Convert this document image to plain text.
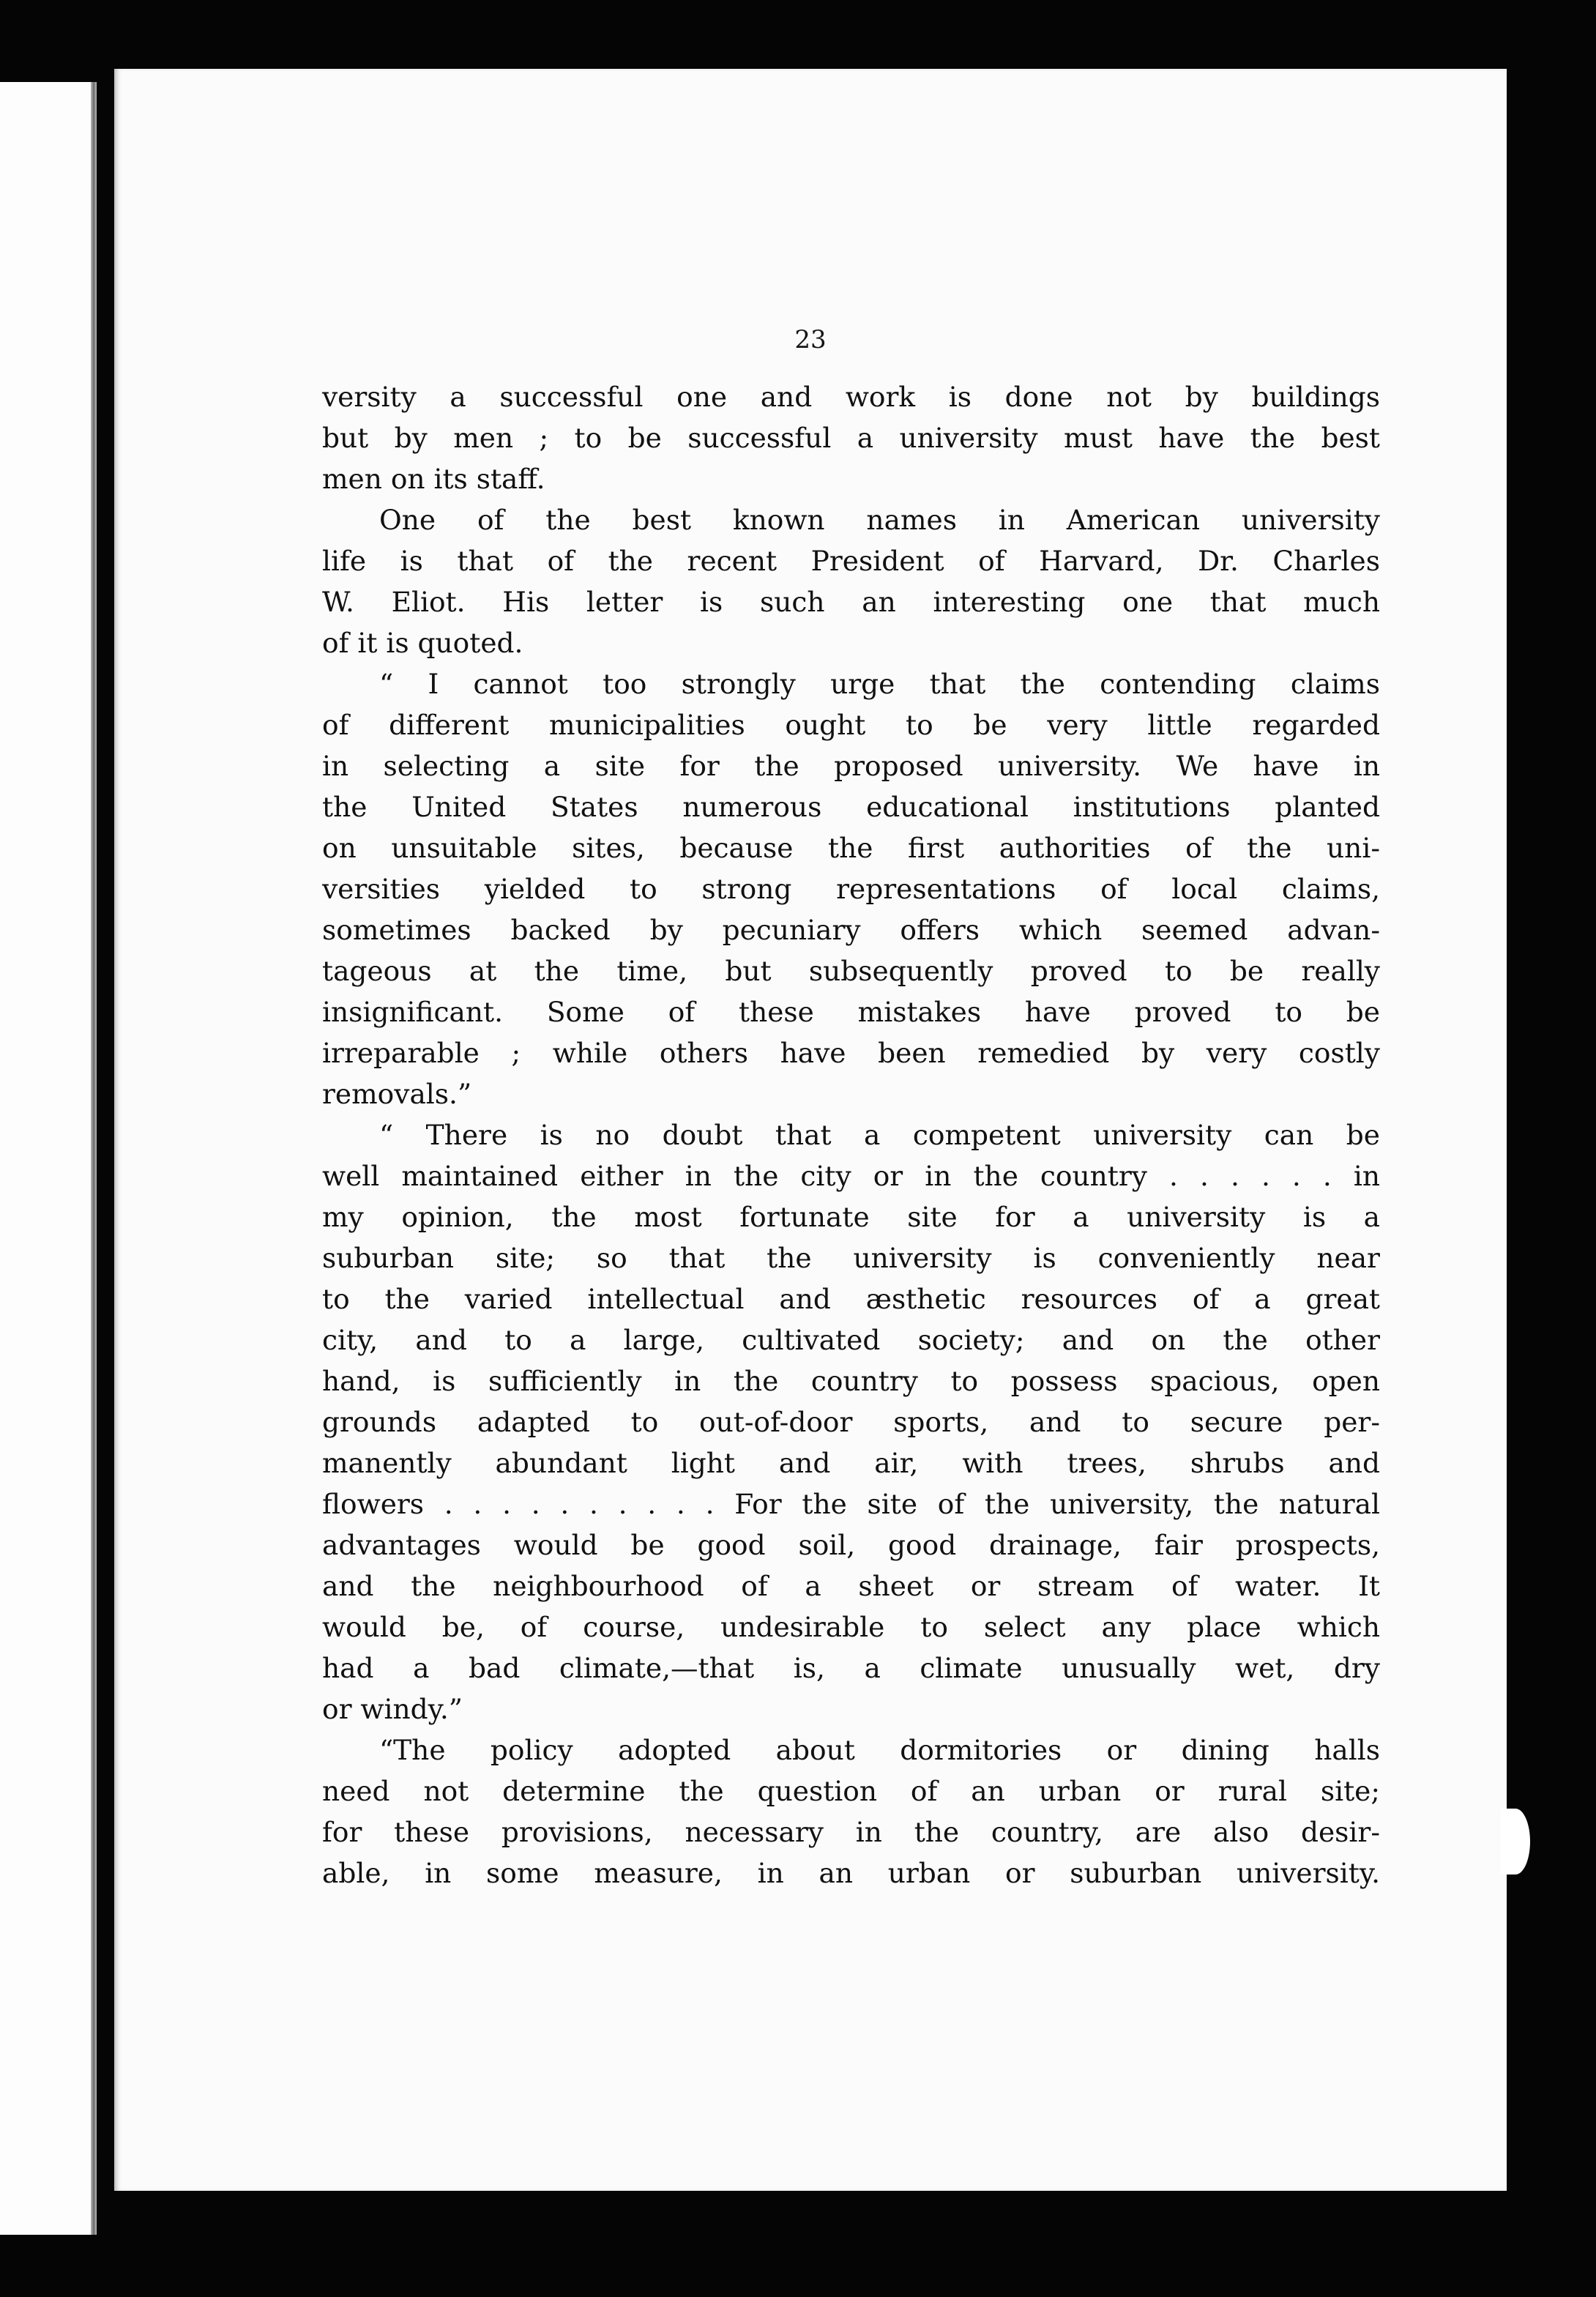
23
versity a successful one and work is done not by buildings
but by men ; to be successful a university must have the best
men on its staff.
One of the best known names in American university
life is that of the recent President of Harvard, Dr. Charles
W. Eliot. His letter is such an interesting one that much
of it is quoted.
“ I cannot too strongly urge that the contending claims
of different municipalities ought to be very little regarded
in selecting a site for the proposed university. We have in
the United States numerous educational institutions planted
on unsuitable sites, because the first authorities of the uni-
versities yielded to strong representations of local claims,
sometimes backed by pecuniary offers which seemed advan-
tageous at the time, but subsequently proved to be really
insignificant. Some of these mistakes have proved to be
irreparable ; while others have been remedied by very costly
removals.”
“ There is no doubt that a competent university can be
well maintained either in the city or in the country . . . . . . in
my opinion, the most fortunate site for a university is a
suburban site; so that the university is conveniently near
to the varied intellectual and æsthetic resources of a great
city, and to a large, cultivated society; and on the other
hand, is sufficiently in the country to possess spacious, open
grounds adapted to out-of-door sports, and to secure per-
manently abundant light and air, with trees, shrubs and
flowers . . . . . . . . . . For the site of the university, the natural
advantages would be good soil, good drainage, fair prospects,
and the neighbourhood of a sheet or stream of water. It
would be, of course, undesirable to select any place which
had a bad climate,—that is, a climate unusually wet, dry
or windy.”
“The policy adopted about dormitories or dining halls
need not determine the question of an urban or rural site;
for these provisions, necessary in the country, are also desir-
able, in some measure, in an urban or suburban university.
